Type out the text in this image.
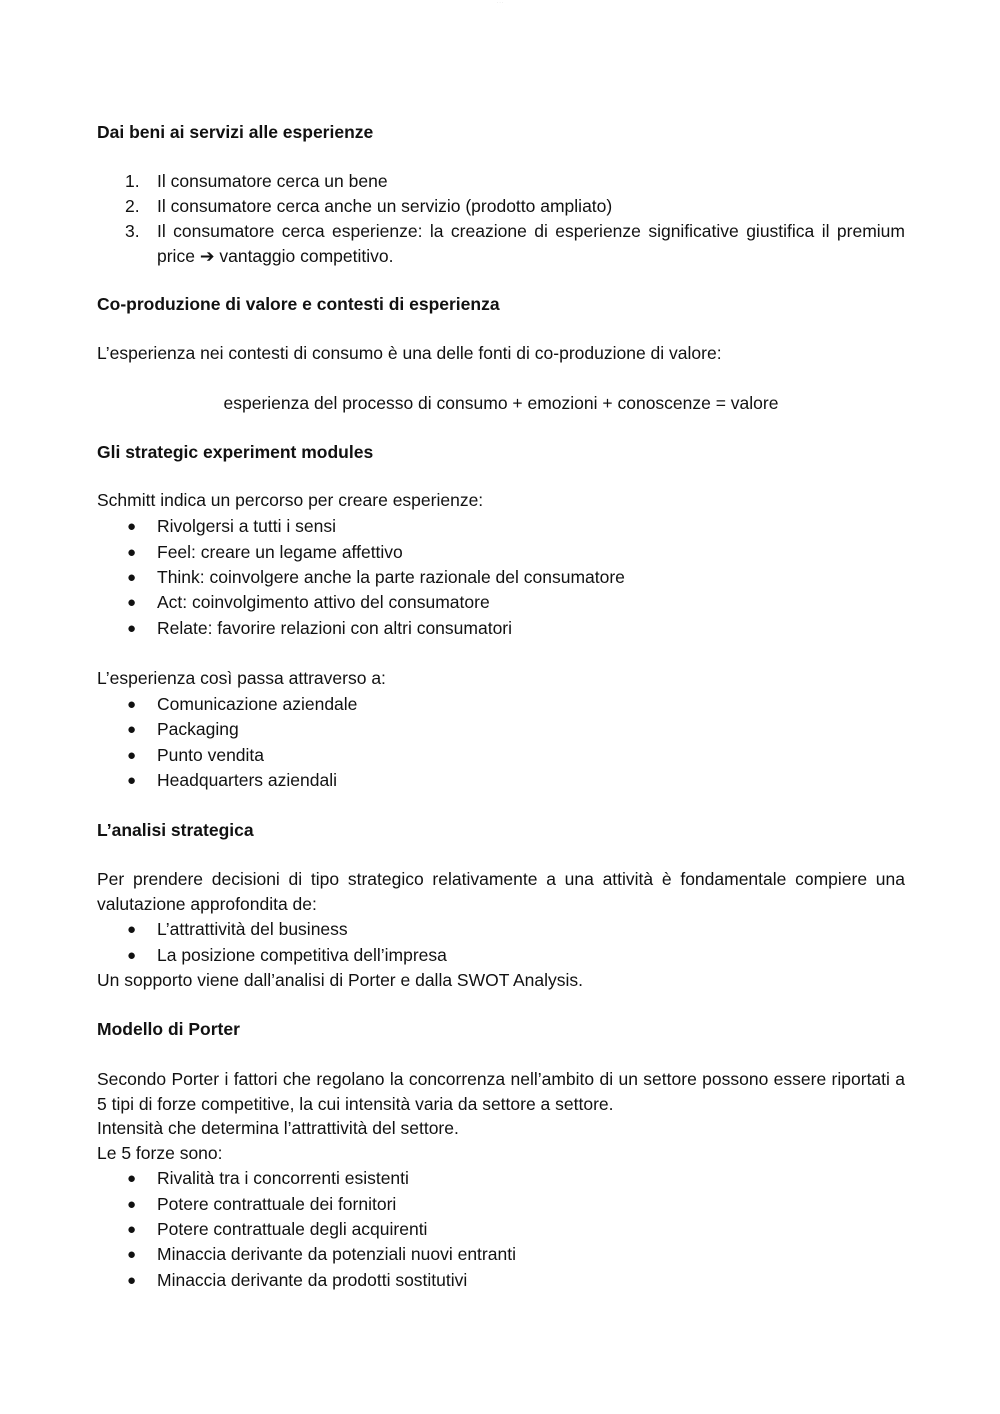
· · ·
Dai beni ai servizi alle esperienze
1. Il consumatore cerca un bene
2. Il consumatore cerca anche un servizio (prodotto ampliato)
3. Il consumatore cerca esperienze: la creazione di esperienze significative giustifica il premium price ➔ vantaggio competitivo.
Co-produzione di valore e contesti di esperienza
L’esperienza nei contesti di consumo è una delle fonti di co-produzione di valore:
esperienza del processo di consumo + emozioni + conoscenze = valore
Gli strategic experiment modules
Schmitt indica un percorso per creare esperienze:
● Rivolgersi a tutti i sensi
● Feel: creare un legame affettivo
● Think: coinvolgere anche la parte razionale del consumatore
● Act: coinvolgimento attivo del consumatore
● Relate: favorire relazioni con altri consumatori
L’esperienza così passa attraverso a:
● Comunicazione aziendale
● Packaging
● Punto vendita
● Headquarters aziendali
L’analisi strategica
Per prendere decisioni di tipo strategico relativamente a una attività è fondamentale compiere una valutazione approfondita de:
● L’attrattività del business
● La posizione competitiva dell’impresa
Un sopporto viene dall’analisi di Porter e dalla SWOT Analysis.
Modello di Porter
Secondo Porter i fattori che regolano la concorrenza nell’ambito di un settore possono essere riportati a 5 tipi di forze competitive, la cui intensità varia da settore a settore.
Intensità che determina l’attrattività del settore.
Le 5 forze sono:
● Rivalità tra i concorrenti esistenti
● Potere contrattuale dei fornitori
● Potere contrattuale degli acquirenti
● Minaccia derivante da potenziali nuovi entranti
● Minaccia derivante da prodotti sostitutivi
